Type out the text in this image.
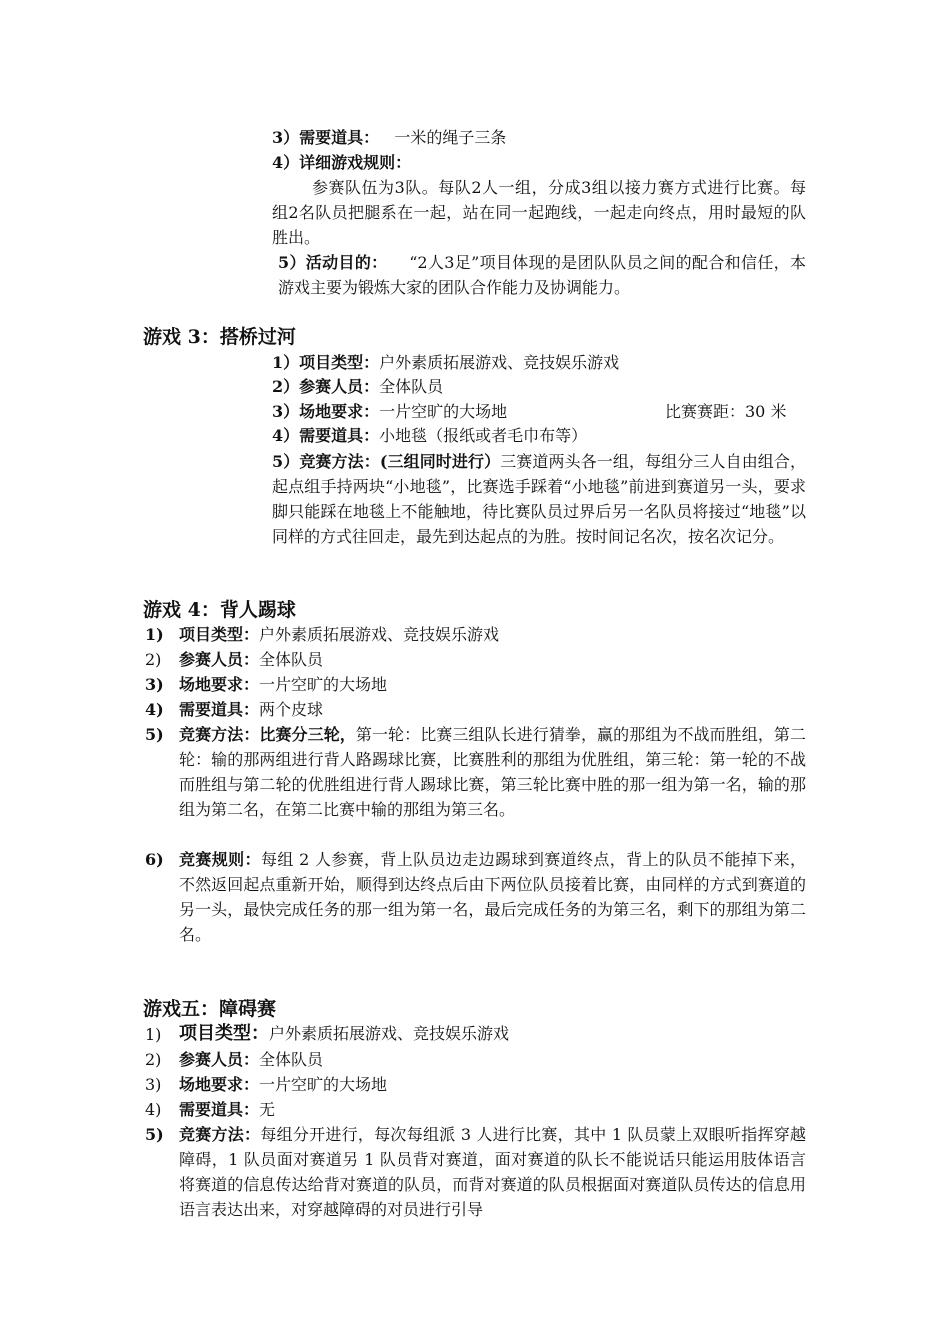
3）需要道具： 一米的绳子三条
4）详细游戏规则：
参赛队伍为3队。每队2人一组，分成3组以接力赛方式进行比赛。每组2名队员把腿系在一起，站在同一起跑线，一起走向终点，用时最短的队胜出。
5）活动目的： “2人3足”项目体现的是团队队员之间的配合和信任，本游戏主要为锻炼大家的团队合作能力及协调能力。
游戏 3：搭桥过河
1）项目类型：户外素质拓展游戏、竞技娱乐游戏
2）参赛人员：全体队员
3）场地要求：一片空旷的大场地	比赛赛距：30 米
4）需要道具：小地毯（报纸或者毛巾布等）
5）竞赛方法：(三组同时进行）三赛道两头各一组，每组分三人自由组合，起点组手持两块“小地毯”，比赛选手踩着“小地毯”前进到赛道另一头，要求脚只能踩在地毯上不能触地，待比赛队员过界后另一名队员将接过“地毯”以同样的方式往回走，最先到达起点的为胜。按时间记名次，按名次记分。
游戏 4：背人踢球
1) 项目类型：户外素质拓展游戏、竞技娱乐游戏
2) 参赛人员：全体队员
3) 场地要求：一片空旷的大场地
4) 需要道具：两个皮球
5) 竞赛方法：比赛分三轮，第一轮：比赛三组队长进行猜拳，赢的那组为不战而胜组，第二轮：输的那两组进行背人路踢球比赛，比赛胜利的那组为优胜组，第三轮：第一轮的不战而胜组与第二轮的优胜组进行背人踢球比赛，第三轮比赛中胜的那一组为第一名，输的那组为第二名，在第二比赛中输的那组为第三名。
6) 竞赛规则：每组 2 人参赛，背上队员边走边踢球到赛道终点，背上的队员不能掉下来，不然返回起点重新开始，顺得到达终点后由下两位队员接着比赛，由同样的方式到赛道的另一头，最快完成任务的那一组为第一名，最后完成任务的为第三名，剩下的那组为第二名。
游戏五：障碍赛
1) 项目类型：户外素质拓展游戏、竞技娱乐游戏
2) 参赛人员：全体队员
3) 场地要求：一片空旷的大场地
4) 需要道具：无
5) 竞赛方法：每组分开进行，每次每组派 3 人进行比赛，其中 1 队员蒙上双眼听指挥穿越障碍，1 队员面对赛道另 1 队员背对赛道，面对赛道的队长不能说话只能运用肢体语言将赛道的信息传达给背对赛道的队员，而背对赛道的队员根据面对赛道队员传达的信息用语言表达出来，对穿越障碍的对员进行引导
